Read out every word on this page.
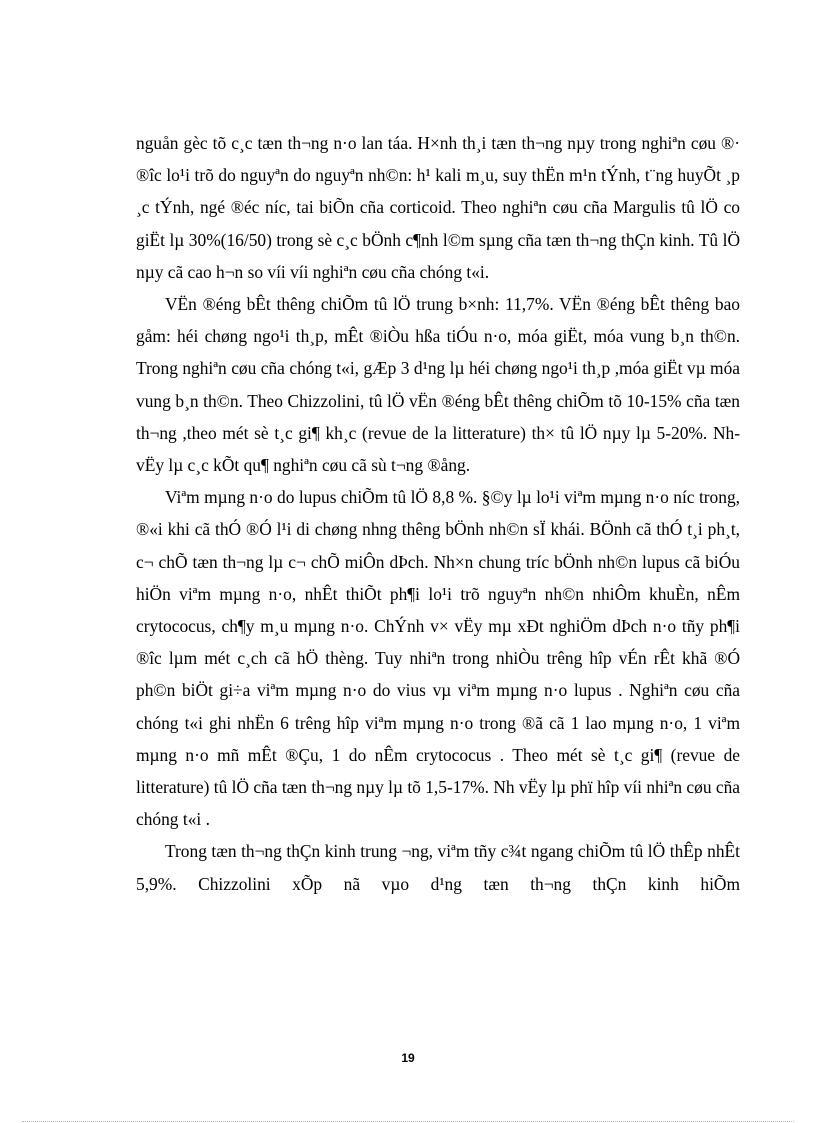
nguån gèc tõ c¸c tæn th¬ng n·o lan táa. H×nh th¸i tæn th¬ng nµy trong nghiªn cøu ®· ®îc lo¹i trõ do nguyªn do nguyªn nh©n: h¹ kali m¸u, suy thËn m¹n tÝnh, t¨ng huyÕt ¸p ¸c tÝnh, ngé ®éc níc, tai biÕn cña corticoid. Theo nghiªn cøu cña Margulis tû lÖ co giËt lµ 30%(16/50) trong sè c¸c bÖnh c¶nh l©m sµng cña tæn th¬ng thÇn kinh. Tû lÖ nµy cã cao h¬n so víi víi nghiªn cøu cña chóng t«i.

VËn ®éng bÊt thêng chiÕm tû lÖ trung b×nh: 11,7%. VËn ®éng bÊt thêng bao gåm: héi chøng ngo¹i th¸p, mÊt ®iÒu hßa tiÓu n·o, móa giËt, móa vung b¸n th©n. Trong nghiªn cøu cña chóng t«i, gÆp 3 d¹ng lµ héi chøng ngo¹i th¸p ,móa giËt vµ móa vung b¸n th©n. Theo Chizzolini, tû lÖ vËn ®éng bÊt thêng chiÕm tõ 10-15% cña tæn th¬ng ,theo mét sè t¸c gi¶ kh¸c (revue de la litterature) th× tû lÖ nµy lµ 5-20%. Nh vËy lµ c¸c kÕt qu¶ nghiªn cøu cã sù t¬ng ®ång.

Viªm mµng n·o do lupus chiÕm tû lÖ 8,8 %. §©y lµ lo¹i viªm mµng n·o níc trong, ®«i khi cã thÓ ®Ó l¹i di chøng nhng thêng bÖnh nh©n sÏ khái. BÖnh cã thÓ t¸i ph¸t, c¬ chÕ tæn th¬ng lµ c¬ chÕ miÔn dÞch. Nh×n chung tríc bÖnh nh©n lupus cã biÓu hiÖn viªm mµng n·o, nhÊt thiÕt ph¶i lo¹i trõ nguyªn nh©n nhiÔm khuÈn, nÊm crytococus, ch¶y m¸u mµng n·o. ChÝnh v× vËy mµ xÐt nghiÖm dÞch n·o tñy ph¶i ®îc lµm mét c¸ch cã hÖ thèng. Tuy nhiªn trong nhiÒu trêng hîp vÉn rÊt khã ®Ó ph©n biÖt gi÷a viªm mµng n·o do vius vµ viªm mµng n·o lupus . Nghiªn cøu cña chóng t«i ghi nhËn 6 trêng hîp viªm mµng n·o trong ®ã cã 1 lao mµng n·o, 1 viªm mµng n·o mñ mÊt ®Çu, 1 do nÊm crytococus . Theo mét sè t¸c gi¶ (revue de litterature) tû lÖ cña tæn th¬ng nµy lµ tõ 1,5-17%. Nh vËy lµ phï hîp víi nhiªn cøu cña chóng t«i .

Trong tæn th¬ng thÇn kinh trung ¬ng, viªm tñy c¾t ngang chiÕm tû lÖ thÊp nhÊt 5,9%. Chizzolini xÕp nã vµo d¹ng tæn th¬ng thÇn kinh hiÕm

19
